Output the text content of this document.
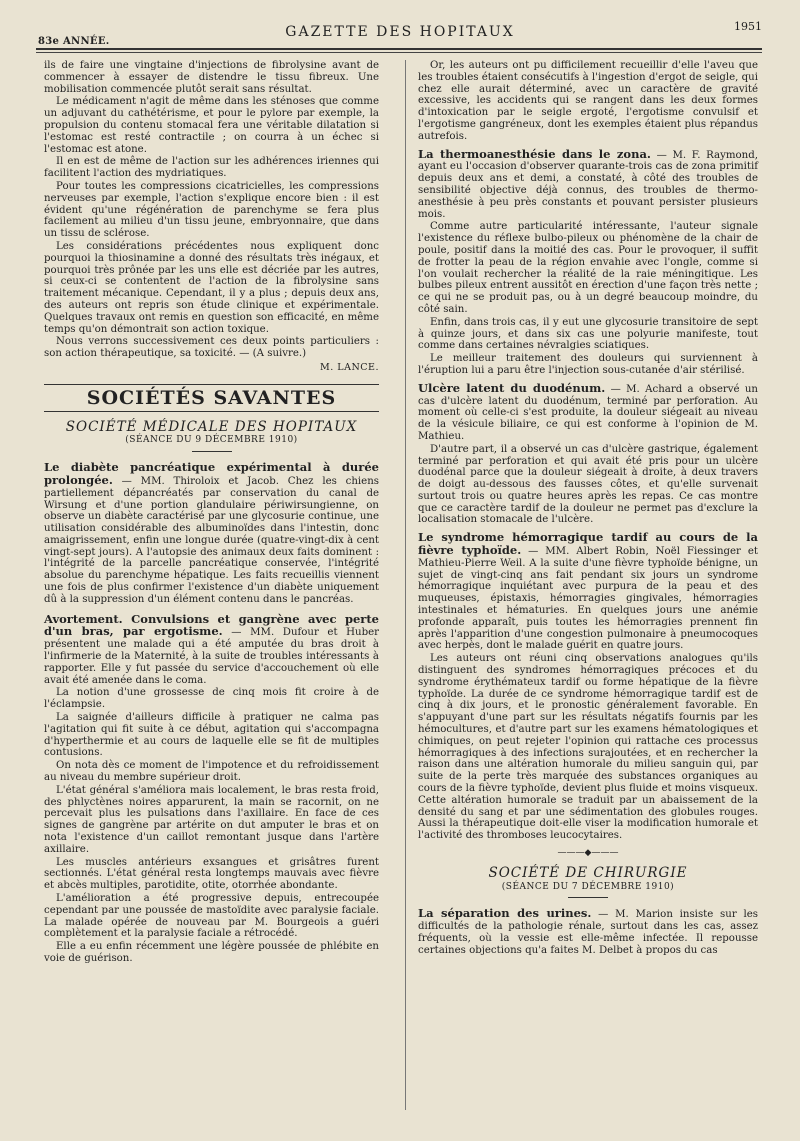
83e ANNÉE.
GAZETTE DES HOPITAUX	1951

ils de faire une vingtaine d'injections de fibrolysine avant de commencer à essayer de distendre le tissu fibreux. Une mobilisation commencée plutôt serait sans résultat.

Le médicament n'agit de même dans les sténoses que comme un adjuvant du cathétérisme, et pour le pylore par exemple, la propulsion du contenu stomacal fera une véritable dilatation si l'estomac est resté contractile ; on courra à un échec si l'estomac est atone.

Il en est de même de l'action sur les adhérences iriennes qui facilitent l'action des mydriatiques.

Pour toutes les compressions cicatricielles, les compressions nerveuses par exemple, l'action s'explique encore bien : il est évident qu'une régénération de parenchyme se fera plus facilement au milieu d'un tissu jeune, embryonnaire, que dans un tissu de sclérose.

Les considérations précédentes nous expliquent donc pourquoi la thiosinamine a donné des résultats très inégaux, et pourquoi très prônée par les uns elle est décriée par les autres, si ceux-ci se contentent de l'action de la fibrolysine sans traitement mécanique. Cependant, il y a plus ; depuis deux ans, des auteurs ont repris son étude clinique et expérimentale. Quelques travaux ont remis en question son efficacité, en même temps qu'on démontrait son action toxique.

Nous verrons successivement ces deux points particuliers : son action thérapeutique, sa toxicité. — (A suivre.)

M. LANCE.
SOCIÉTÉS SAVANTES
SOCIÉTÉ MÉDICALE DES HOPITAUX
(SÉANCE DU 9 DÉCEMBRE 1910)

Le diabète pancréatique expérimental à durée prolongée. — MM. Thiroloix et Jacob. Chez les chiens partiellement dépancréatés par conservation du canal de Wirsung et d'une portion glandulaire périwirsungienne, on observe un diabète caractérisé par une glycosurie continue, une utilisation considérable des albuminoïdes dans l'intestin, donc amaigrissement, enfin une longue durée (quatre-vingt-dix à cent vingt-sept jours). A l'autopsie des animaux deux faits dominent : l'intégrité de la parcelle pancréatique conservée, l'intégrité absolue du parenchyme hépatique. Les faits recueillis viennent une fois de plus confirmer l'existence d'un diabète uniquement dû à la suppression d'un élément contenu dans le pancréas.

Avortement. Convulsions et gangrène avec perte d'un bras, par ergotisme. — MM. Dufour et Huber présentent une malade qui a été amputée du bras droit à l'infirmerie de la Maternité, à la suite de troubles intéressants à rapporter. Elle y fut passée du service d'accouchement où elle avait été amenée dans le coma.

La notion d'une grossesse de cinq mois fit croire à de l'éclampsie.

La saignée d'ailleurs difficile à pratiquer ne calma pas l'agitation qui fit suite à ce début, agitation qui s'accompagna d'hyperthermie et au cours de laquelle elle se fit de multiples contusions.

On nota dès ce moment de l'impotence et du refroidissement au niveau du membre supérieur droit.

L'état général s'améliora mais localement, le bras resta froid, des phlyctènes noires apparurent, la main se racornit, on ne percevait plus les pulsations dans l'axillaire. En face de ces signes de gangrène par artérite on dut amputer le bras et on nota l'existence d'un caillot remontant jusque dans l'artère axillaire.

Les muscles antérieurs exsangues et grisâtres furent sectionnés. L'état général resta longtemps mauvais avec fièvre et abcès multiples, parotidite, otite, otorrhée abondante.

L'amélioration a été progressive depuis, entrecoupée cependant par une poussée de mastoïdite avec paralysie faciale. La malade opérée de nouveau par M. Bourgeois a guéri complètement et la paralysie faciale a rétrocédé.

Elle a eu enfin récemment une légère poussée de phlébite en voie de guérison.

Or, les auteurs ont pu difficilement recueillir d'elle l'aveu que les troubles étaient consécutifs à l'ingestion d'ergot de seigle, qui chez elle aurait déterminé, avec un caractère de gravité excessive, les accidents qui se rangent dans les deux formes d'intoxication par le seigle ergoté, l'ergotisme convulsif et l'ergotisme gangréneux, dont les exemples étaient plus répandus autrefois.

La thermoanesthésie dans le zona. — M. F. Raymond, ayant eu l'occasion d'observer quarante-trois cas de zona primitif depuis deux ans et demi, a constaté, à côté des troubles de sensibilité objective déjà connus, des troubles de thermo-anesthésie à peu près constants et pouvant persister plusieurs mois.

Comme autre particularité intéressante, l'auteur signale l'existence du réflexe bulbo-pileux ou phénomène de la chair de poule, positif dans la moitié des cas. Pour le provoquer, il suffit de frotter la peau de la région envahie avec l'ongle, comme si l'on voulait rechercher la réalité de la raie méningitique. Les bulbes pileux entrent aussitôt en érection d'une façon très nette ; ce qui ne se produit pas, ou à un degré beaucoup moindre, du côté sain.

Enfin, dans trois cas, il y eut une glycosurie transitoire de sept à quinze jours, et dans six cas une polyurie manifeste, tout comme dans certaines névralgies sciatiques.

Le meilleur traitement des douleurs qui surviennent à l'éruption lui a paru être l'injection sous-cutanée d'air stérilisé.

Ulcère latent du duodénum. — M. Achard a observé un cas d'ulcère latent du duodénum, terminé par perforation. Au moment où celle-ci s'est produite, la douleur siégeait au niveau de la vésicule biliaire, ce qui est conforme à l'opinion de M. Mathieu.

D'autre part, il a observé un cas d'ulcère gastrique, également terminé par perforation et qui avait été pris pour un ulcère duodénal parce que la douleur siégeait à droite, à deux travers de doigt au-dessous des fausses côtes, et qu'elle survenait surtout trois ou quatre heures après les repas. Ce cas montre que ce caractère tardif de la douleur ne permet pas d'exclure la localisation stomacale de l'ulcère.

Le syndrome hémorragique tardif au cours de la fièvre typhoïde. — MM. Albert Robin, Noël Fiessinger et Mathieu-Pierre Weil. A la suite d'une fièvre typhoïde bénigne, un sujet de vingt-cinq ans fait pendant six jours un syndrome hémorragique inquiétant avec purpura de la peau et des muqueuses, épistaxis, hémorragies gingivales, hémorragies intestinales et hématuries. En quelques jours une anémie profonde apparaît, puis toutes les hémorragies prennent fin après l'apparition d'une congestion pulmonaire à pneumocoques avec herpès, dont le malade guérit en quatre jours.

Les auteurs ont réuni cinq observations analogues qu'ils distinguent des syndromes hémorragiques précoces et du syndrome érythémateux tardif ou forme hépatique de la fièvre typhoïde. La durée de ce syndrome hémorragique tardif est de cinq à dix jours, et le pronostic généralement favorable. En s'appuyant d'une part sur les résultats négatifs fournis par les hémocultures, et d'autre part sur les examens hématologiques et chimiques, on peut rejeter l'opinion qui rattache ces processus hémorragiques à des infections surajoutées, et en rechercher la raison dans une altération humorale du milieu sanguin qui, par suite de la perte très marquée des substances organiques au cours de la fièvre typhoïde, devient plus fluide et moins visqueux. Cette altération humorale se traduit par un abaissement de la densité du sang et par une sédimentation des globules rouges. Aussi la thérapeutique doit-elle viser la modification humorale et l'activité des thromboses leucocytaires.

———◆———
SOCIÉTÉ DE CHIRURGIE
(SÉANCE DU 7 DÉCEMBRE 1910)

La séparation des urines. — M. Marion insiste sur les difficultés de la pathologie rénale, surtout dans les cas, assez fréquents, où la vessie est elle-même infectée. Il repousse certaines objections qu'a faites M. Delbet à propos du cas
